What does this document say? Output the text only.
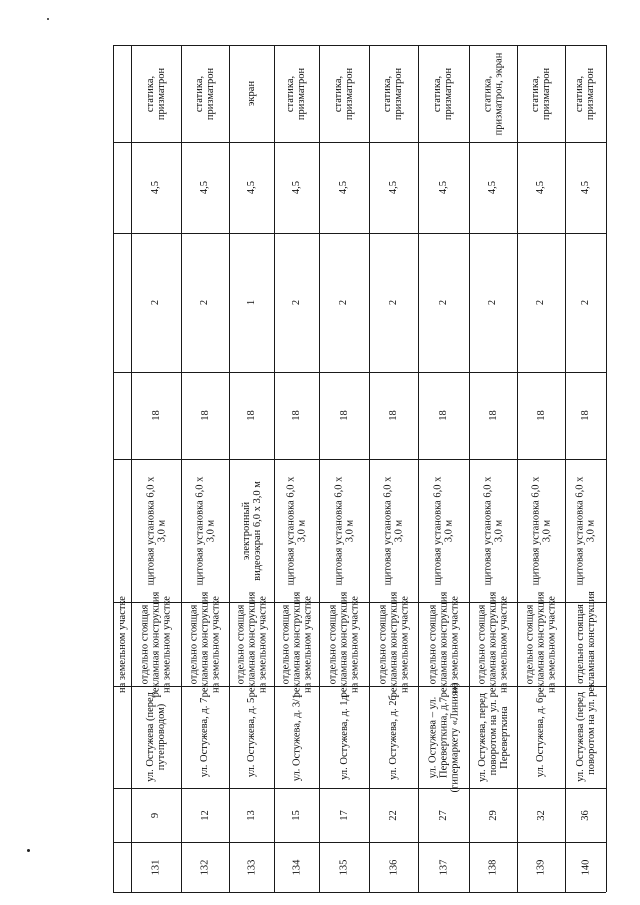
на земельном участке
статика, призматрон
4,5
2
18
щитовая установка 6,0 х 3,0 м
отдельно стоящая рекламная конструкция на земельном участке
ул. Остужева (перед путепроводом)
9
131
статика, призматрон
4,5
2
18
щитовая установка 6,0 х 3,0 м
отдельно стоящая рекламная конструкция на земельном участке
ул. Остужева, д. 7
12
132
экран
4,5
1
18
электронный видеоэкран 6,0 х 3,0 м
отдельно стоящая рекламная конструкция на земельном участке
ул. Остужева, д. 5
13
133
статика, призматрон
4,5
2
18
щитовая установка 6,0 х 3,0 м
отдельно стоящая рекламная конструкция на земельном участке
ул. Остужева, д. 3/1
15
134
статика, призматрон
4,5
2
18
щитовая установка 6,0 х 3,0 м
отдельно стоящая рекламная конструкция на земельном участке
ул. Остужева, д. 1д
17
135
статика, призматрон
4,5
2
18
щитовая установка 6,0 х 3,0 м
отдельно стоящая рекламная конструкция на земельном участке
ул. Остужева, д. 2б
22
136
статика, призматрон
4,5
2
18
щитовая установка 6,0 х 3,0 м
отдельно стоящая рекламная конструкция на земельном участке
ул. Остужева – ул. Переверткина, д.7 (гипермаркету «Линия»)
27
137
статика, призматрон, экран
4,5
2
18
щитовая установка 6,0 х 3,0 м
отдельно стоящая рекламная конструкция на земельном участке
ул. Остужева, перед поворотом на ул. Переверткина
29
138
статика, призматрон
4,5
2
18
щитовая установка 6,0 х 3,0 м
отдельно стоящая рекламная конструкция на земельном участке
ул. Остужева, д. 6
32
139
статика, призматрон
4,5
2
18
щитовая установка 6,0 х 3,0 м
отдельно стоящая рекламная конструкция
ул. Остужева (перед поворотом на ул.
36
140
